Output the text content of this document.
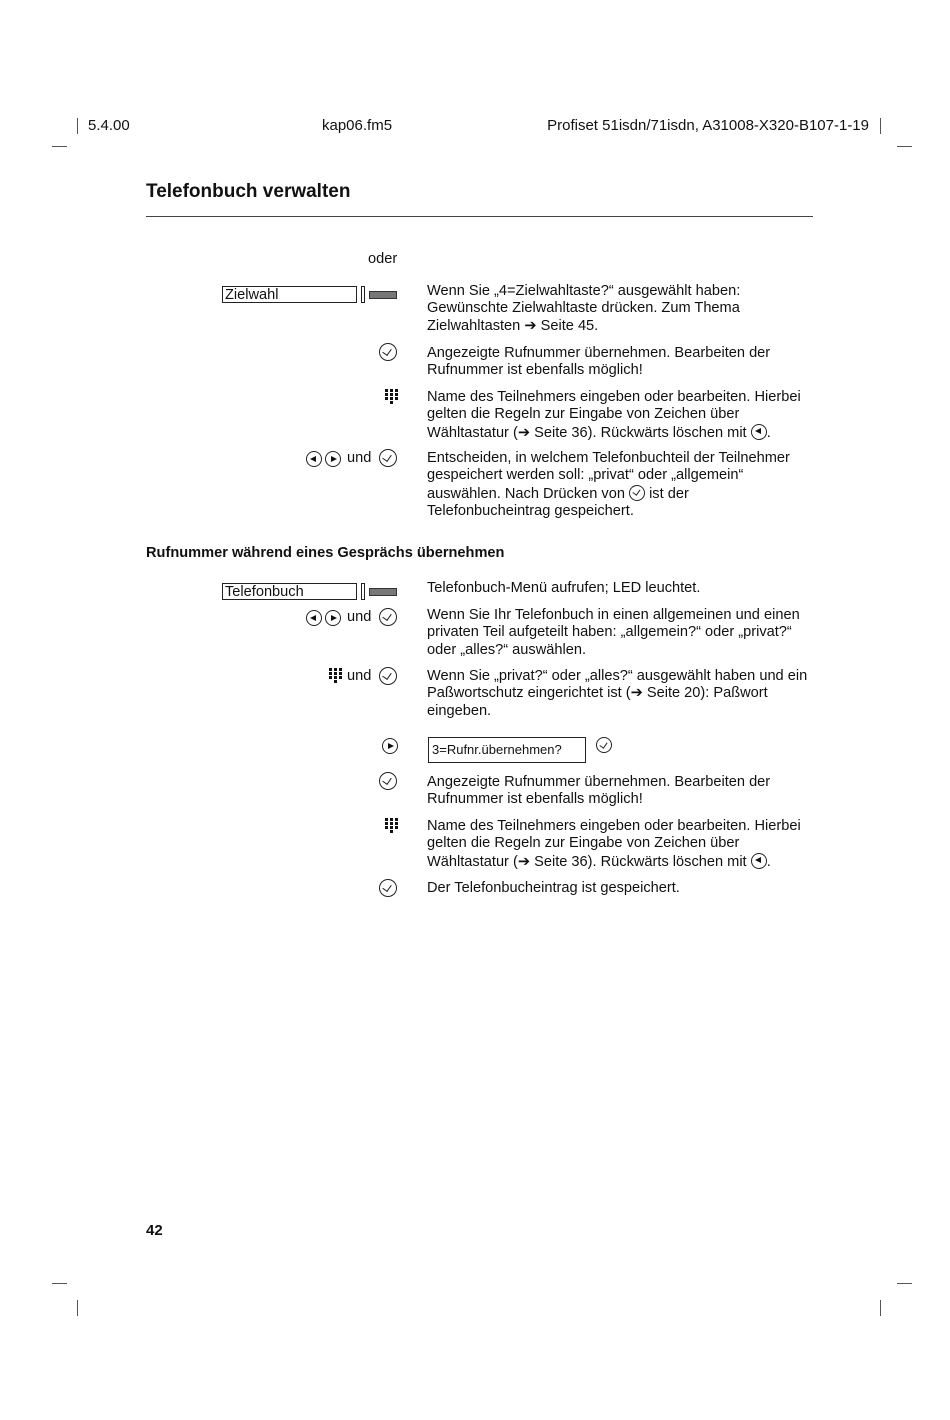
5.4.00	kap06.fm5	Profiset 51isdn/71isdn, A31008-X320-B107-1-19
Telefonbuch verwalten
oder
Zielwahl	Wenn Sie „4=Zielwahltaste?“ ausgewählt haben: Gewünschte Zielwahltaste drücken. Zum Thema Zielwahltasten ➔ Seite 45.
Angezeigte Rufnummer übernehmen. Bearbeiten der Rufnummer ist ebenfalls möglich!
Name des Teilnehmers eingeben oder bearbeiten. Hierbei gelten die Regeln zur Eingabe von Zeichen über Wähltastatur (➔ Seite 36). Rückwärts löschen mit .
und	Entscheiden, in welchem Telefonbuchteil der Teilnehmer gespeichert werden soll: „privat“ oder „allgemein“ auswählen. Nach Drücken von ist der Telefonbucheintrag gespeichert.
Rufnummer während eines Gesprächs übernehmen
Telefonbuch	Telefonbuch-Menü aufrufen; LED leuchtet.
und	Wenn Sie Ihr Telefonbuch in einen allgemeinen und einen privaten Teil aufgeteilt haben: „allgemein?“ oder „privat?“ oder „alles?“ auswählen.
und	Wenn Sie „privat?“ oder „alles?“ ausgewählt haben und ein Paßwortschutz eingerichtet ist (➔ Seite 20): Paßwort eingeben.
3=Rufnr.übernehmen?
Angezeigte Rufnummer übernehmen. Bearbeiten der Rufnummer ist ebenfalls möglich!
Name des Teilnehmers eingeben oder bearbeiten. Hierbei gelten die Regeln zur Eingabe von Zeichen über Wähltastatur (➔ Seite 36). Rückwärts löschen mit .
Der Telefonbucheintrag ist gespeichert.
42
